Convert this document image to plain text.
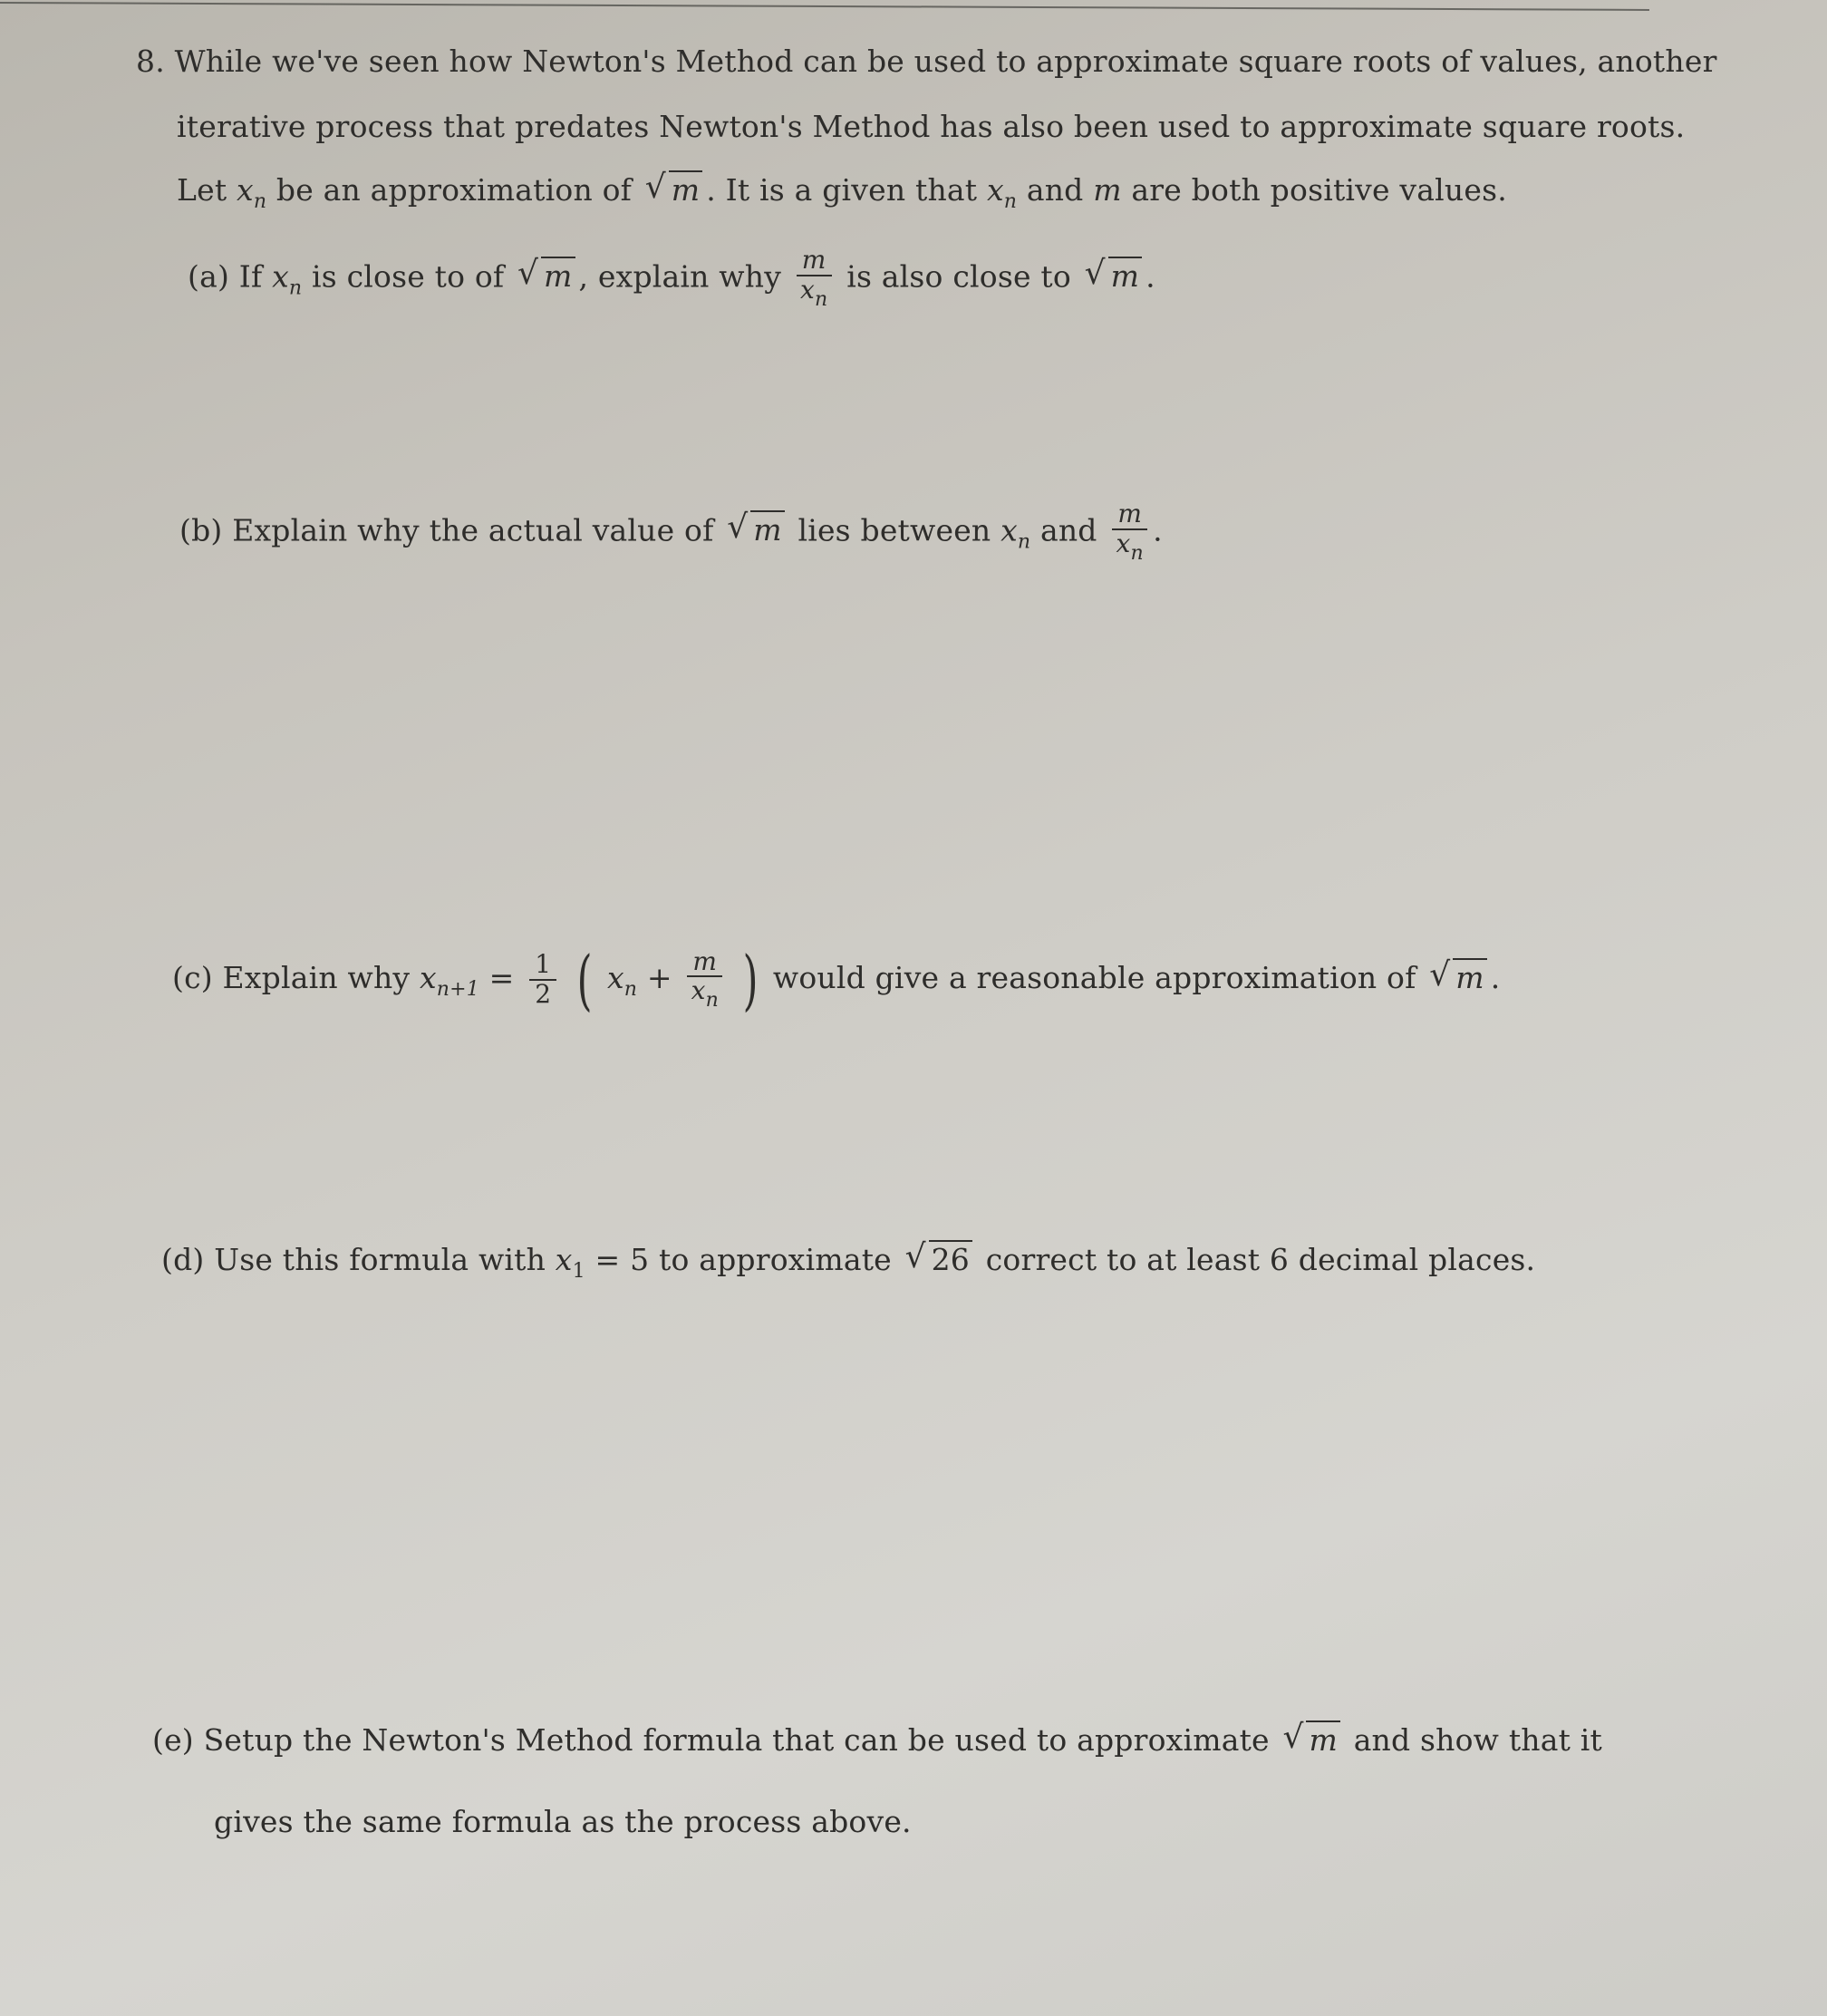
8. While we've seen how Newton's Method can be used to approximate square roots of values, another
iterative process that predates Newton's Method has also been used to approximate square roots.
Let $x_n$ be an approximation of √ m . It is a given that $x_n$ and m are both positive values.
(a) If $x_n$ is close to of √ m , explain why $\frac{m}{x_n}$ is also close to √ m .
(b) Explain why the actual value of √ m lies between $x_n$ and $\frac{m}{x_n}$ .
(c) Explain why $x_{n+1} = \frac{1}{2}$ ( $x_n + \frac{m}{x_n}$ ) would give a reasonable approximation of √ m .
(d) Use this formula with $x_1 = 5$ to approximate √ 26 correct to at least 6 decimal places.
(e) Setup the Newton's Method formula that can be used to approximate √ m and show that it
gives the same formula as the process above.
